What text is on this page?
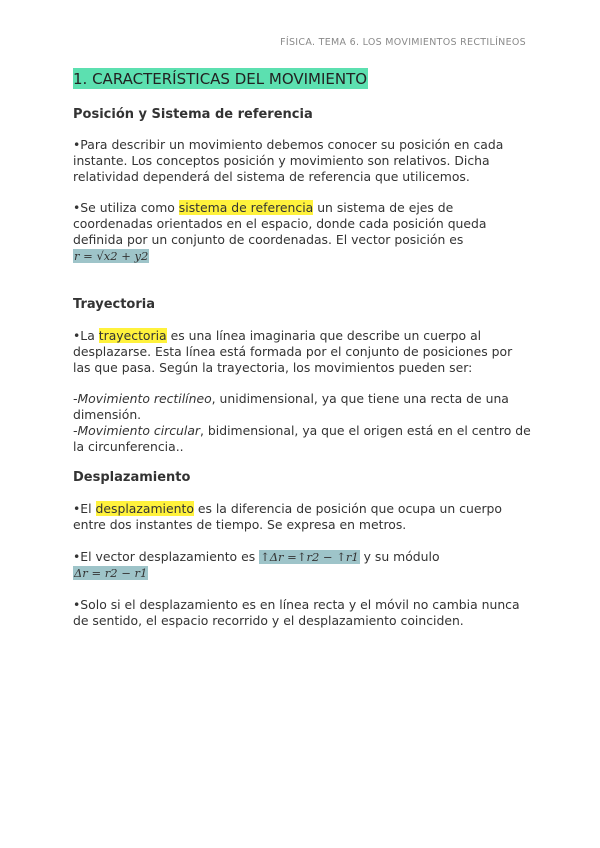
FÍSICA. TEMA 6. LOS MOVIMIENTOS RECTILÍNEOS
1. CARACTERÍSTICAS DEL MOVIMIENTO
Posición y Sistema de referencia

•Para describir un movimiento debemos conocer su posición en cada instante. Los conceptos posición y movimiento son relativos. Dicha relatividad dependerá del sistema de referencia que utilicemos.

•Se utiliza como sistema de referencia un sistema de ejes de coordenadas orientados en el espacio, donde cada posición queda definida por un conjunto de coordenadas. El vector posición es
r = √x2 + y2

Trayectoria

•La trayectoria es una línea imaginaria que describe un cuerpo al desplazarse. Esta línea está formada por el conjunto de posiciones por las que pasa. Según la trayectoria, los movimientos pueden ser:

-Movimiento rectilíneo, unidimensional, ya que tiene una recta de una dimensión.

-Movimiento circular, bidimensional, ya que el origen está en el centro de la circunferencia..

Desplazamiento

•El desplazamiento es la diferencia de posición que ocupa un cuerpo entre dos instantes de tiempo. Se expresa en metros.

•El vector desplazamiento es ↑Δr =↑r2 − ↑r1 y su módulo
Δr = r2 − r1

•Solo si el desplazamiento es en línea recta y el móvil no cambia nunca de sentido, el espacio recorrido y el desplazamiento coinciden.
